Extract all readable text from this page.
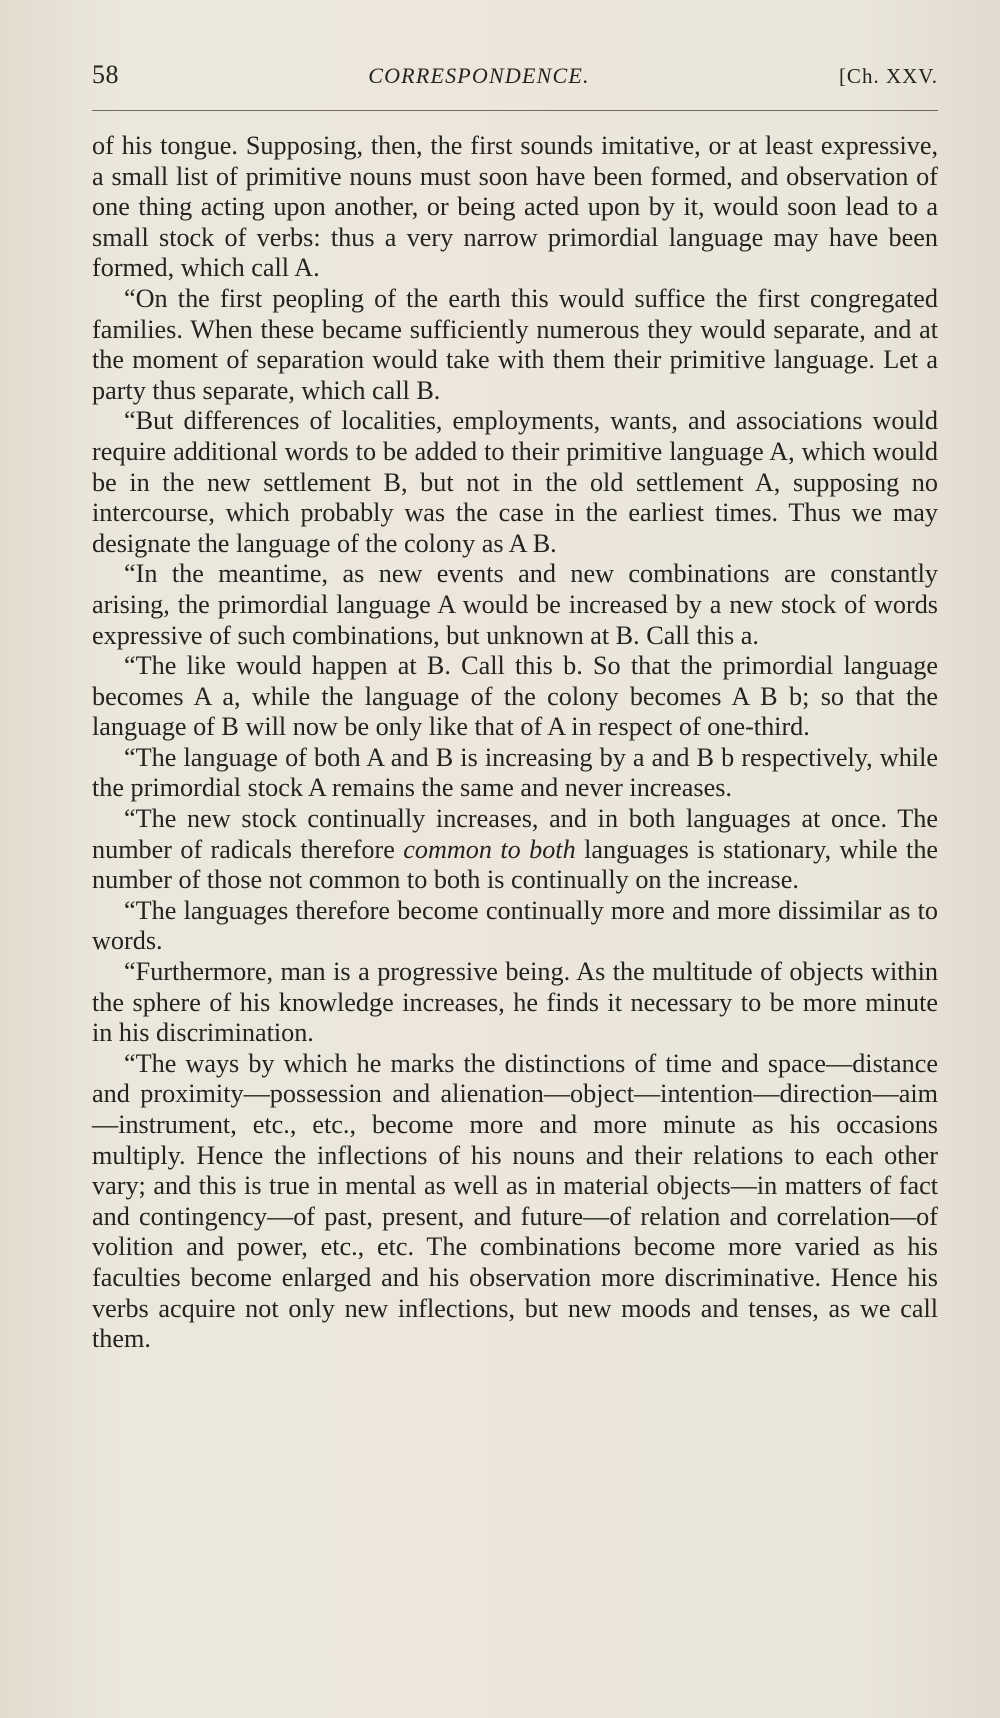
58	CORRESPONDENCE.	[Ch. XXV.

of his tongue. Supposing, then, the first sounds imitative, or at least expressive, a small list of primitive nouns must soon have been formed, and observation of one thing acting upon another, or being acted upon by it, would soon lead to a small stock of verbs: thus a very narrow primordial language may have been formed, which call A.

“On the first peopling of the earth this would suffice the first congregated families. When these became sufficiently numerous they would separate, and at the moment of separation would take with them their primitive language. Let a party thus separate, which call B.

“But differences of localities, employments, wants, and associations would require additional words to be added to their primitive language A, which would be in the new settlement B, but not in the old settlement A, supposing no intercourse, which probably was the case in the earliest times. Thus we may designate the language of the colony as A B.

“In the meantime, as new events and new combinations are constantly arising, the primordial language A would be increased by a new stock of words expressive of such combinations, but unknown at B. Call this a.

“The like would happen at B. Call this b. So that the primordial language becomes A a, while the language of the colony becomes A B b; so that the language of B will now be only like that of A in respect of one-third.

“The language of both A and B is increasing by a and B b respectively, while the primordial stock A remains the same and never increases.

“The new stock continually increases, and in both languages at once. The number of radicals therefore common to both languages is stationary, while the number of those not common to both is continually on the increase.

“The languages therefore become continually more and more dissimilar as to words.

“Furthermore, man is a progressive being. As the multitude of objects within the sphere of his knowledge increases, he finds it necessary to be more minute in his discrimination.

“The ways by which he marks the distinctions of time and space—distance and proximity—possession and alienation—object—intention—direction—aim—instrument, etc., etc., become more and more minute as his occasions multiply. Hence the inflections of his nouns and their relations to each other vary; and this is true in mental as well as in material objects—in matters of fact and contingency—of past, present, and future—of relation and correlation—of volition and power, etc., etc. The combinations become more varied as his faculties become enlarged and his observation more discriminative. Hence his verbs acquire not only new inflections, but new moods and tenses, as we call them.
